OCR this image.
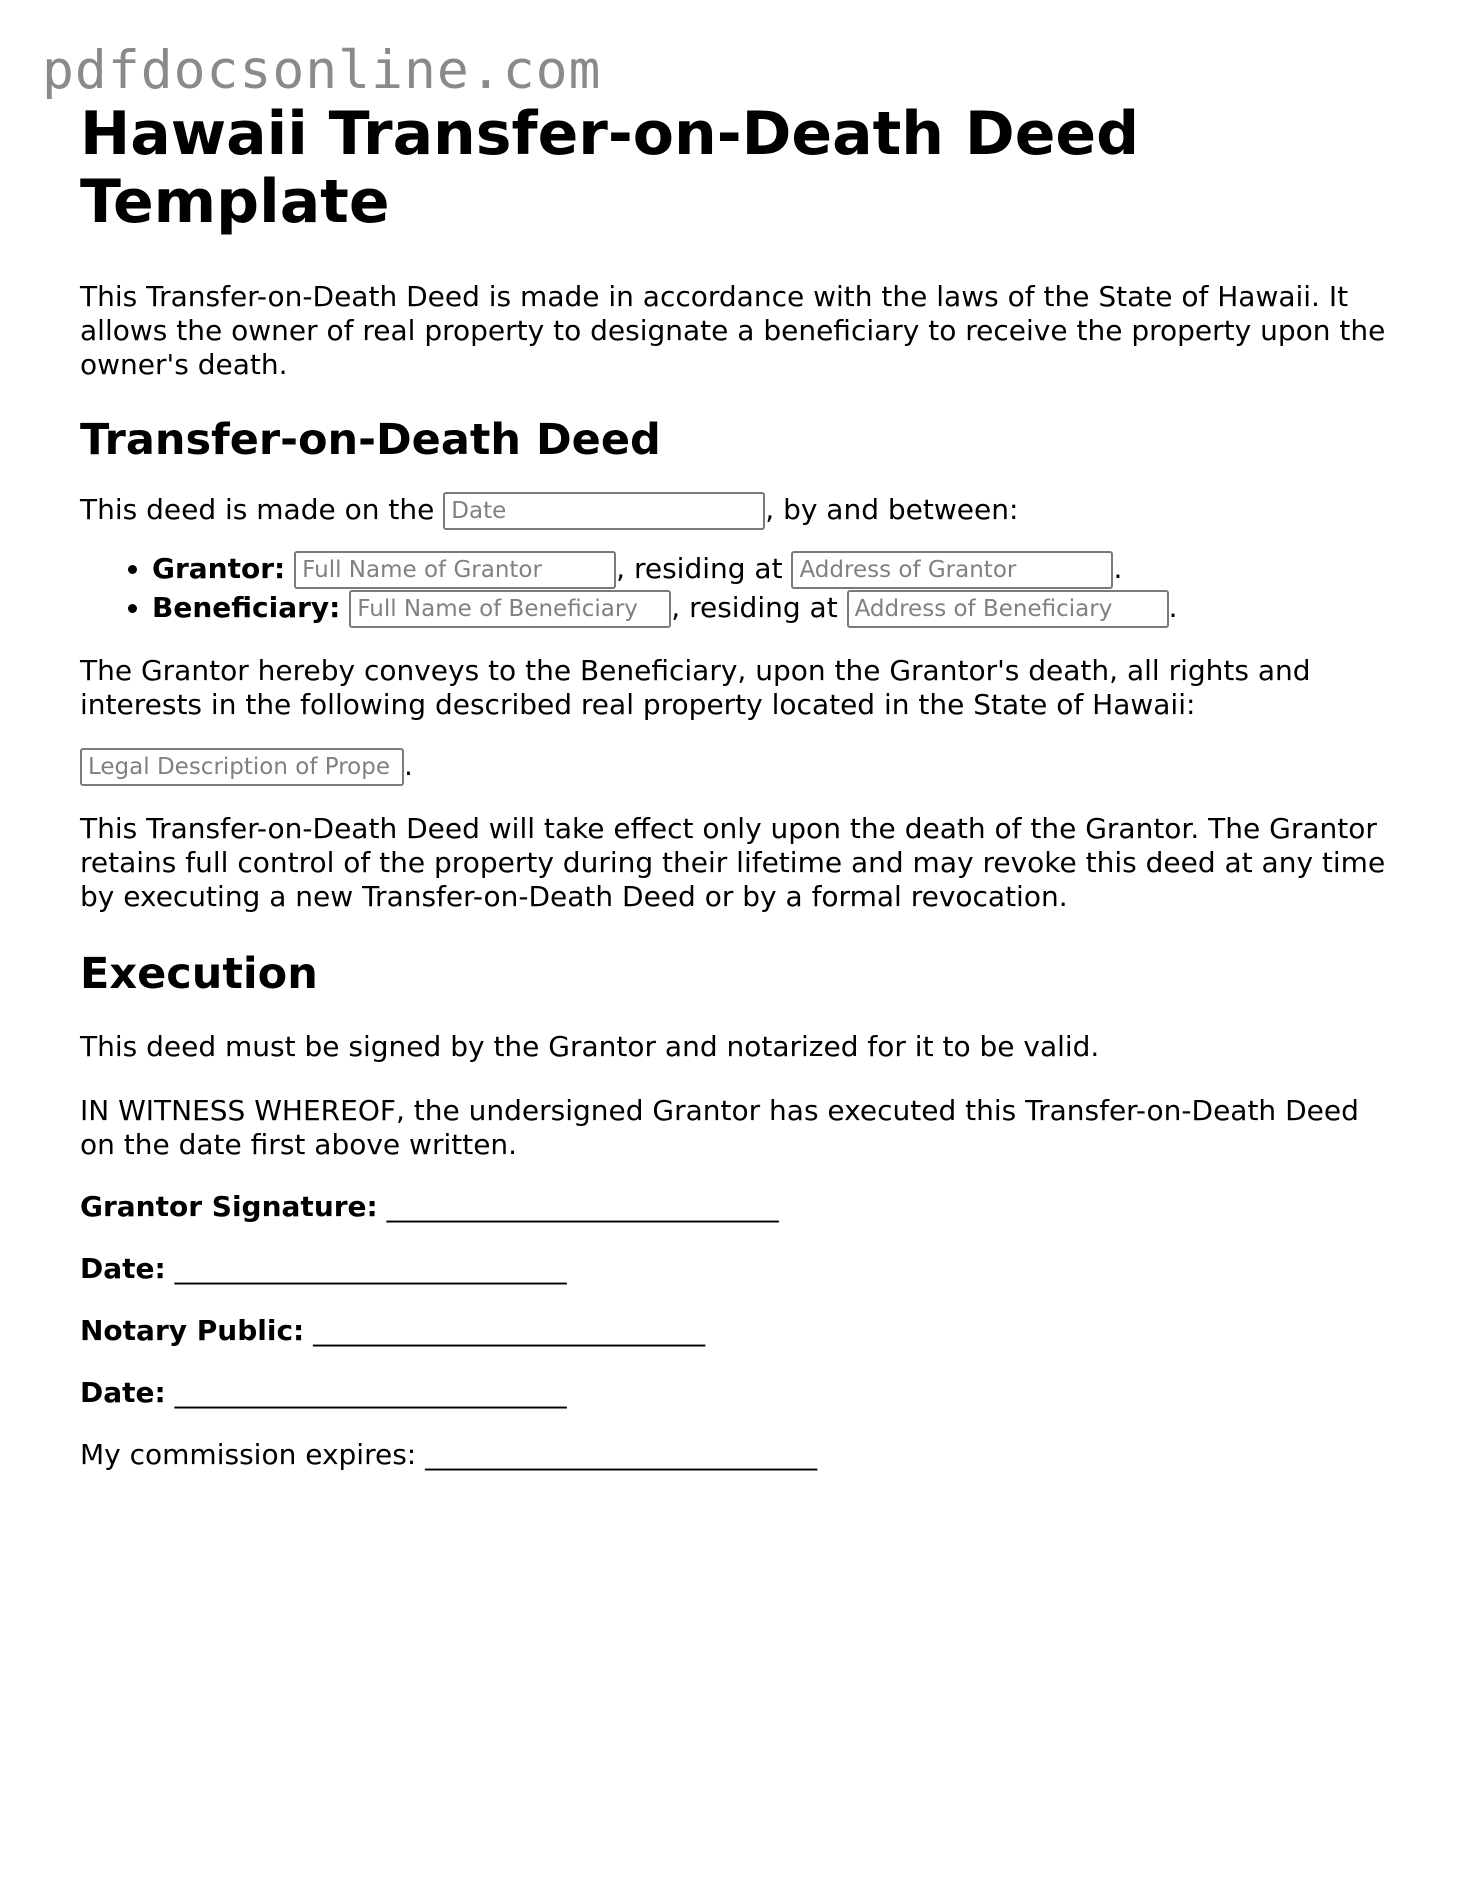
pdfdocsonline.com
Hawaii Transfer-on-Death Deed Template

This Transfer-on-Death Deed is made in accordance with the laws of the State of Hawaii. It allows the owner of real property to designate a beneficiary to receive the property upon the owner's death.

Transfer-on-Death Deed

This deed is made on the Date	, by and between:

• Grantor: Full Name of Grantor	, residing at Address of Grantor	.
• Beneficiary: Full Name of Beneficiary	, residing at Address of Beneficiary	.

The Grantor hereby conveys to the Beneficiary, upon the Grantor's death, all rights and interests in the following described real property located in the State of Hawaii:

Legal Description of Prope.

This Transfer-on-Death Deed will take effect only upon the death of the Grantor. The Grantor retains full control of the property during their lifetime and may revoke this deed at any time by executing a new Transfer-on-Death Deed or by a formal revocation.

Execution

This deed must be signed by the Grantor and notarized for it to be valid.

IN WITNESS WHEREOF, the undersigned Grantor has executed this Transfer-on-Death Deed on the date first above written.

Grantor Signature: ____________________________

Date: ____________________________

Notary Public: ____________________________

Date: ____________________________

My commission expires: ____________________________
